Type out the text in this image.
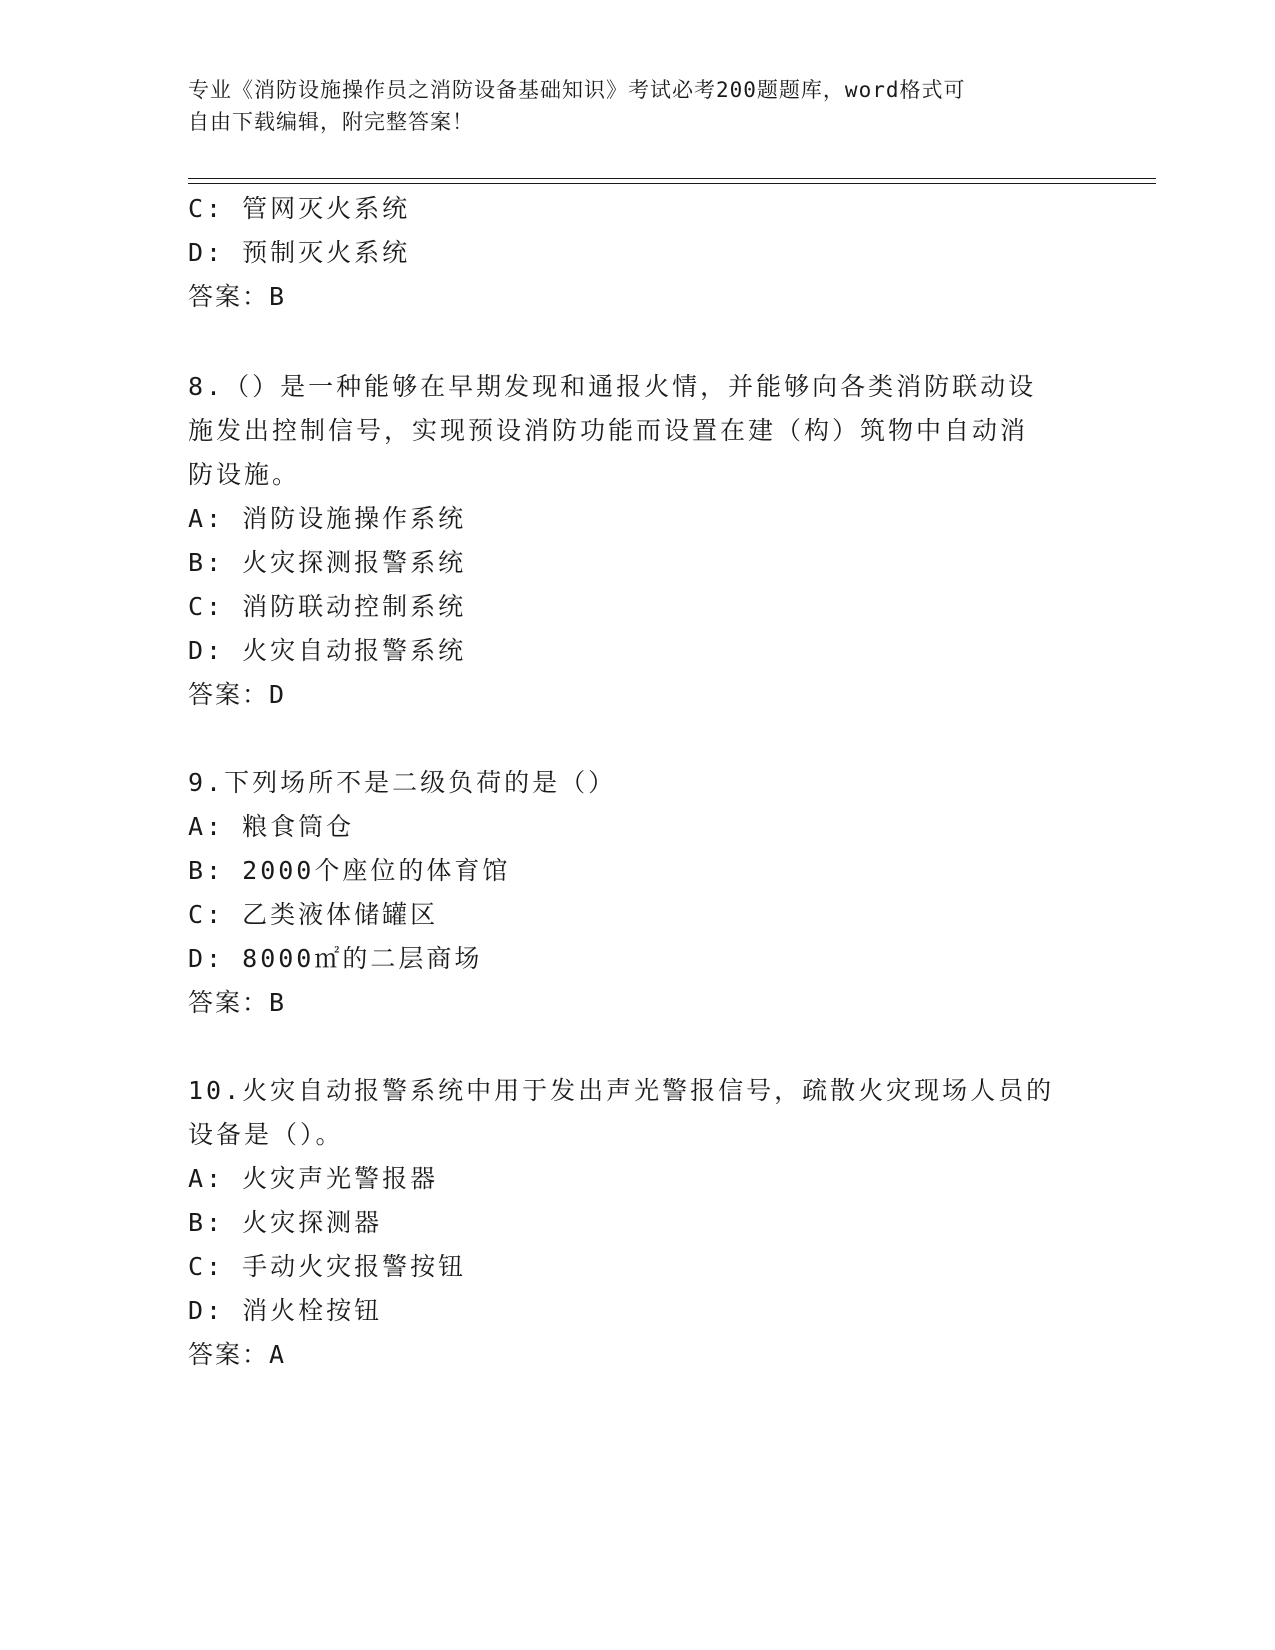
专业《消防设施操作员之消防设备基础知识》考试必考200题题库，word格式可
自由下载编辑，附完整答案！
C: 管网灭火系统
D: 预制灭火系统
答案：B
8.（）是一种能够在早期发现和通报火情，并能够向各类消防联动设
施发出控制信号，实现预设消防功能而设置在建（构）筑物中自动消
防设施。
A: 消防设施操作系统
B: 火灾探测报警系统
C: 消防联动控制系统
D: 火灾自动报警系统
答案：D
9.下列场所不是二级负荷的是（）
A: 粮食筒仓
B: 2000个座位的体育馆
C: 乙类液体储罐区
D: 8000㎡的二层商场
答案：B
10.火灾自动报警系统中用于发出声光警报信号，疏散火灾现场人员的
设备是（）。
A: 火灾声光警报器
B: 火灾探测器
C: 手动火灾报警按钮
D: 消火栓按钮
答案：A
